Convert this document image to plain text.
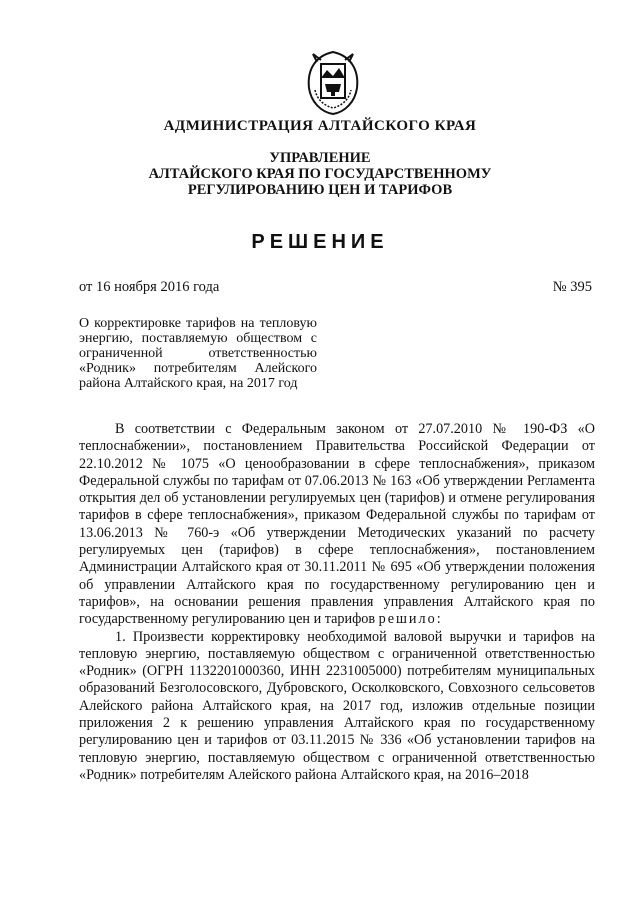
АДМИНИСТРАЦИЯ АЛТАЙСКОГО КРАЯ
УПРАВЛЕНИЕ
АЛТАЙСКОГО КРАЯ ПО ГОСУДАРСТВЕННОМУ
РЕГУЛИРОВАНИЮ ЦЕН И ТАРИФОВ
РЕШЕНИЕ
от 16 ноября 2016 года	№ 395
О корректировке тарифов на тепловую энергию, поставляемую обществом с ограниченной ответственностью «Родник» потребителям Алейского района Алтайского края, на 2017 год

В соответствии с Федеральным законом от 27.07.2010 № 190-ФЗ «О теплоснабжении», постановлением Правительства Российской Федерации от 22.10.2012 № 1075 «О ценообразовании в сфере теплоснабжения», приказом Федеральной службы по тарифам от 07.06.2013 № 163 «Об утверждении Регламента открытия дел об установлении регулируемых цен (тарифов) и отмене регулирования тарифов в сфере теплоснабжения», приказом Федеральной службы по тарифам от 13.06.2013 № 760-э «Об утверждении Методических указаний по расчету регулируемых цен (тарифов) в сфере теплоснабжения», постановлением Администрации Алтайского края от 30.11.2011 № 695 «Об утверждении положения об управлении Алтайского края по государственному регулированию цен и тарифов», на основании решения правления управления Алтайского края по государственному регулированию цен и тарифов решило:

1. Произвести корректировку необходимой валовой выручки и тарифов на тепловую энергию, поставляемую обществом с ограниченной ответственностью «Родник» (ОГРН 1132201000360, ИНН 2231005000) потребителям муниципальных образований Безголосовского, Дубровского, Осколковского, Совхозного сельсоветов Алейского района Алтайского края, на 2017 год, изложив отдельные позиции приложения 2 к решению управления Алтайского края по государственному регулированию цен и тарифов от 03.11.2015 № 336 «Об установлении тарифов на тепловую энергию, поставляемую обществом с ограниченной ответственностью «Родник» потребителям Алейского района Алтайского края, на 2016–2018
